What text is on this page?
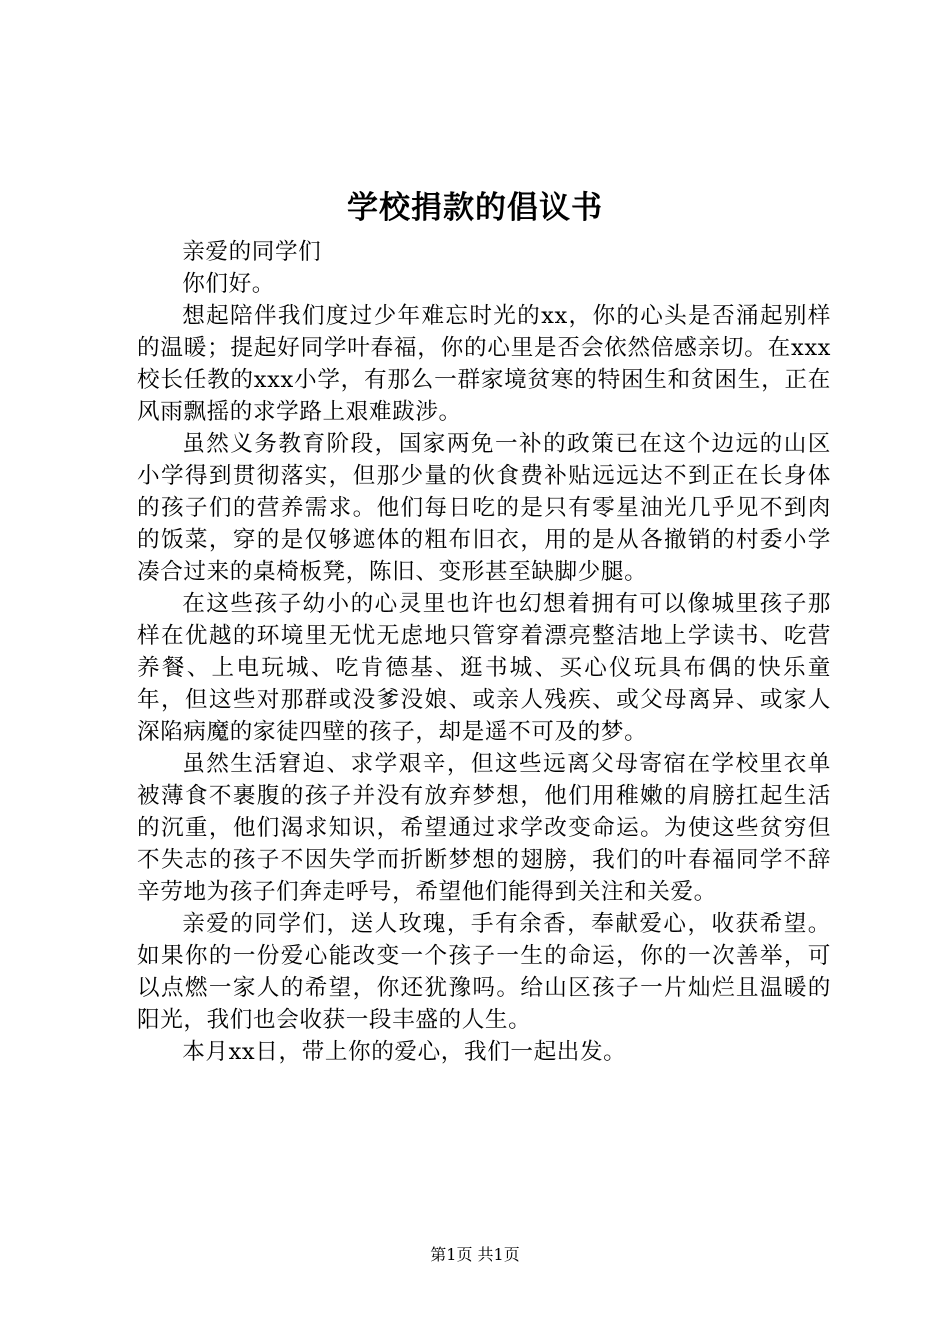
学校捐款的倡议书

亲爱的同学们

你们好。

想起陪伴我们度过少年难忘时光的xx，你的心头是否涌起别样的温暖；提起好同学叶春福，你的心里是否会依然倍感亲切。在xxx校长任教的xxx小学，有那么一群家境贫寒的特困生和贫困生，正在风雨飘摇的求学路上艰难跋涉。

虽然义务教育阶段，国家两免一补的政策已在这个边远的山区小学得到贯彻落实，但那少量的伙食费补贴远远达不到正在长身体的孩子们的营养需求。他们每日吃的是只有零星油光几乎见不到肉的饭菜，穿的是仅够遮体的粗布旧衣，用的是从各撤销的村委小学凑合过来的桌椅板凳，陈旧、变形甚至缺脚少腿。

在这些孩子幼小的心灵里也许也幻想着拥有可以像城里孩子那样在优越的环境里无忧无虑地只管穿着漂亮整洁地上学读书、吃营养餐、上电玩城、吃肯德基、逛书城、买心仪玩具布偶的快乐童年，但这些对那群或没爹没娘、或亲人残疾、或父母离异、或家人深陷病魔的家徒四壁的孩子，却是遥不可及的梦。

虽然生活窘迫、求学艰辛，但这些远离父母寄宿在学校里衣单被薄食不裹腹的孩子并没有放弃梦想，他们用稚嫩的肩膀扛起生活的沉重，他们渴求知识，希望通过求学改变命运。为使这些贫穷但不失志的孩子不因失学而折断梦想的翅膀，我们的叶春福同学不辞辛劳地为孩子们奔走呼号，希望他们能得到关注和关爱。

亲爱的同学们，送人玫瑰，手有余香，奉献爱心，收获希望。如果你的一份爱心能改变一个孩子一生的命运，你的一次善举，可以点燃一家人的希望，你还犹豫吗。给山区孩子一片灿烂且温暖的阳光，我们也会收获一段丰盛的人生。

本月xx日，带上你的爱心，我们一起出发。

第1页 共1页
